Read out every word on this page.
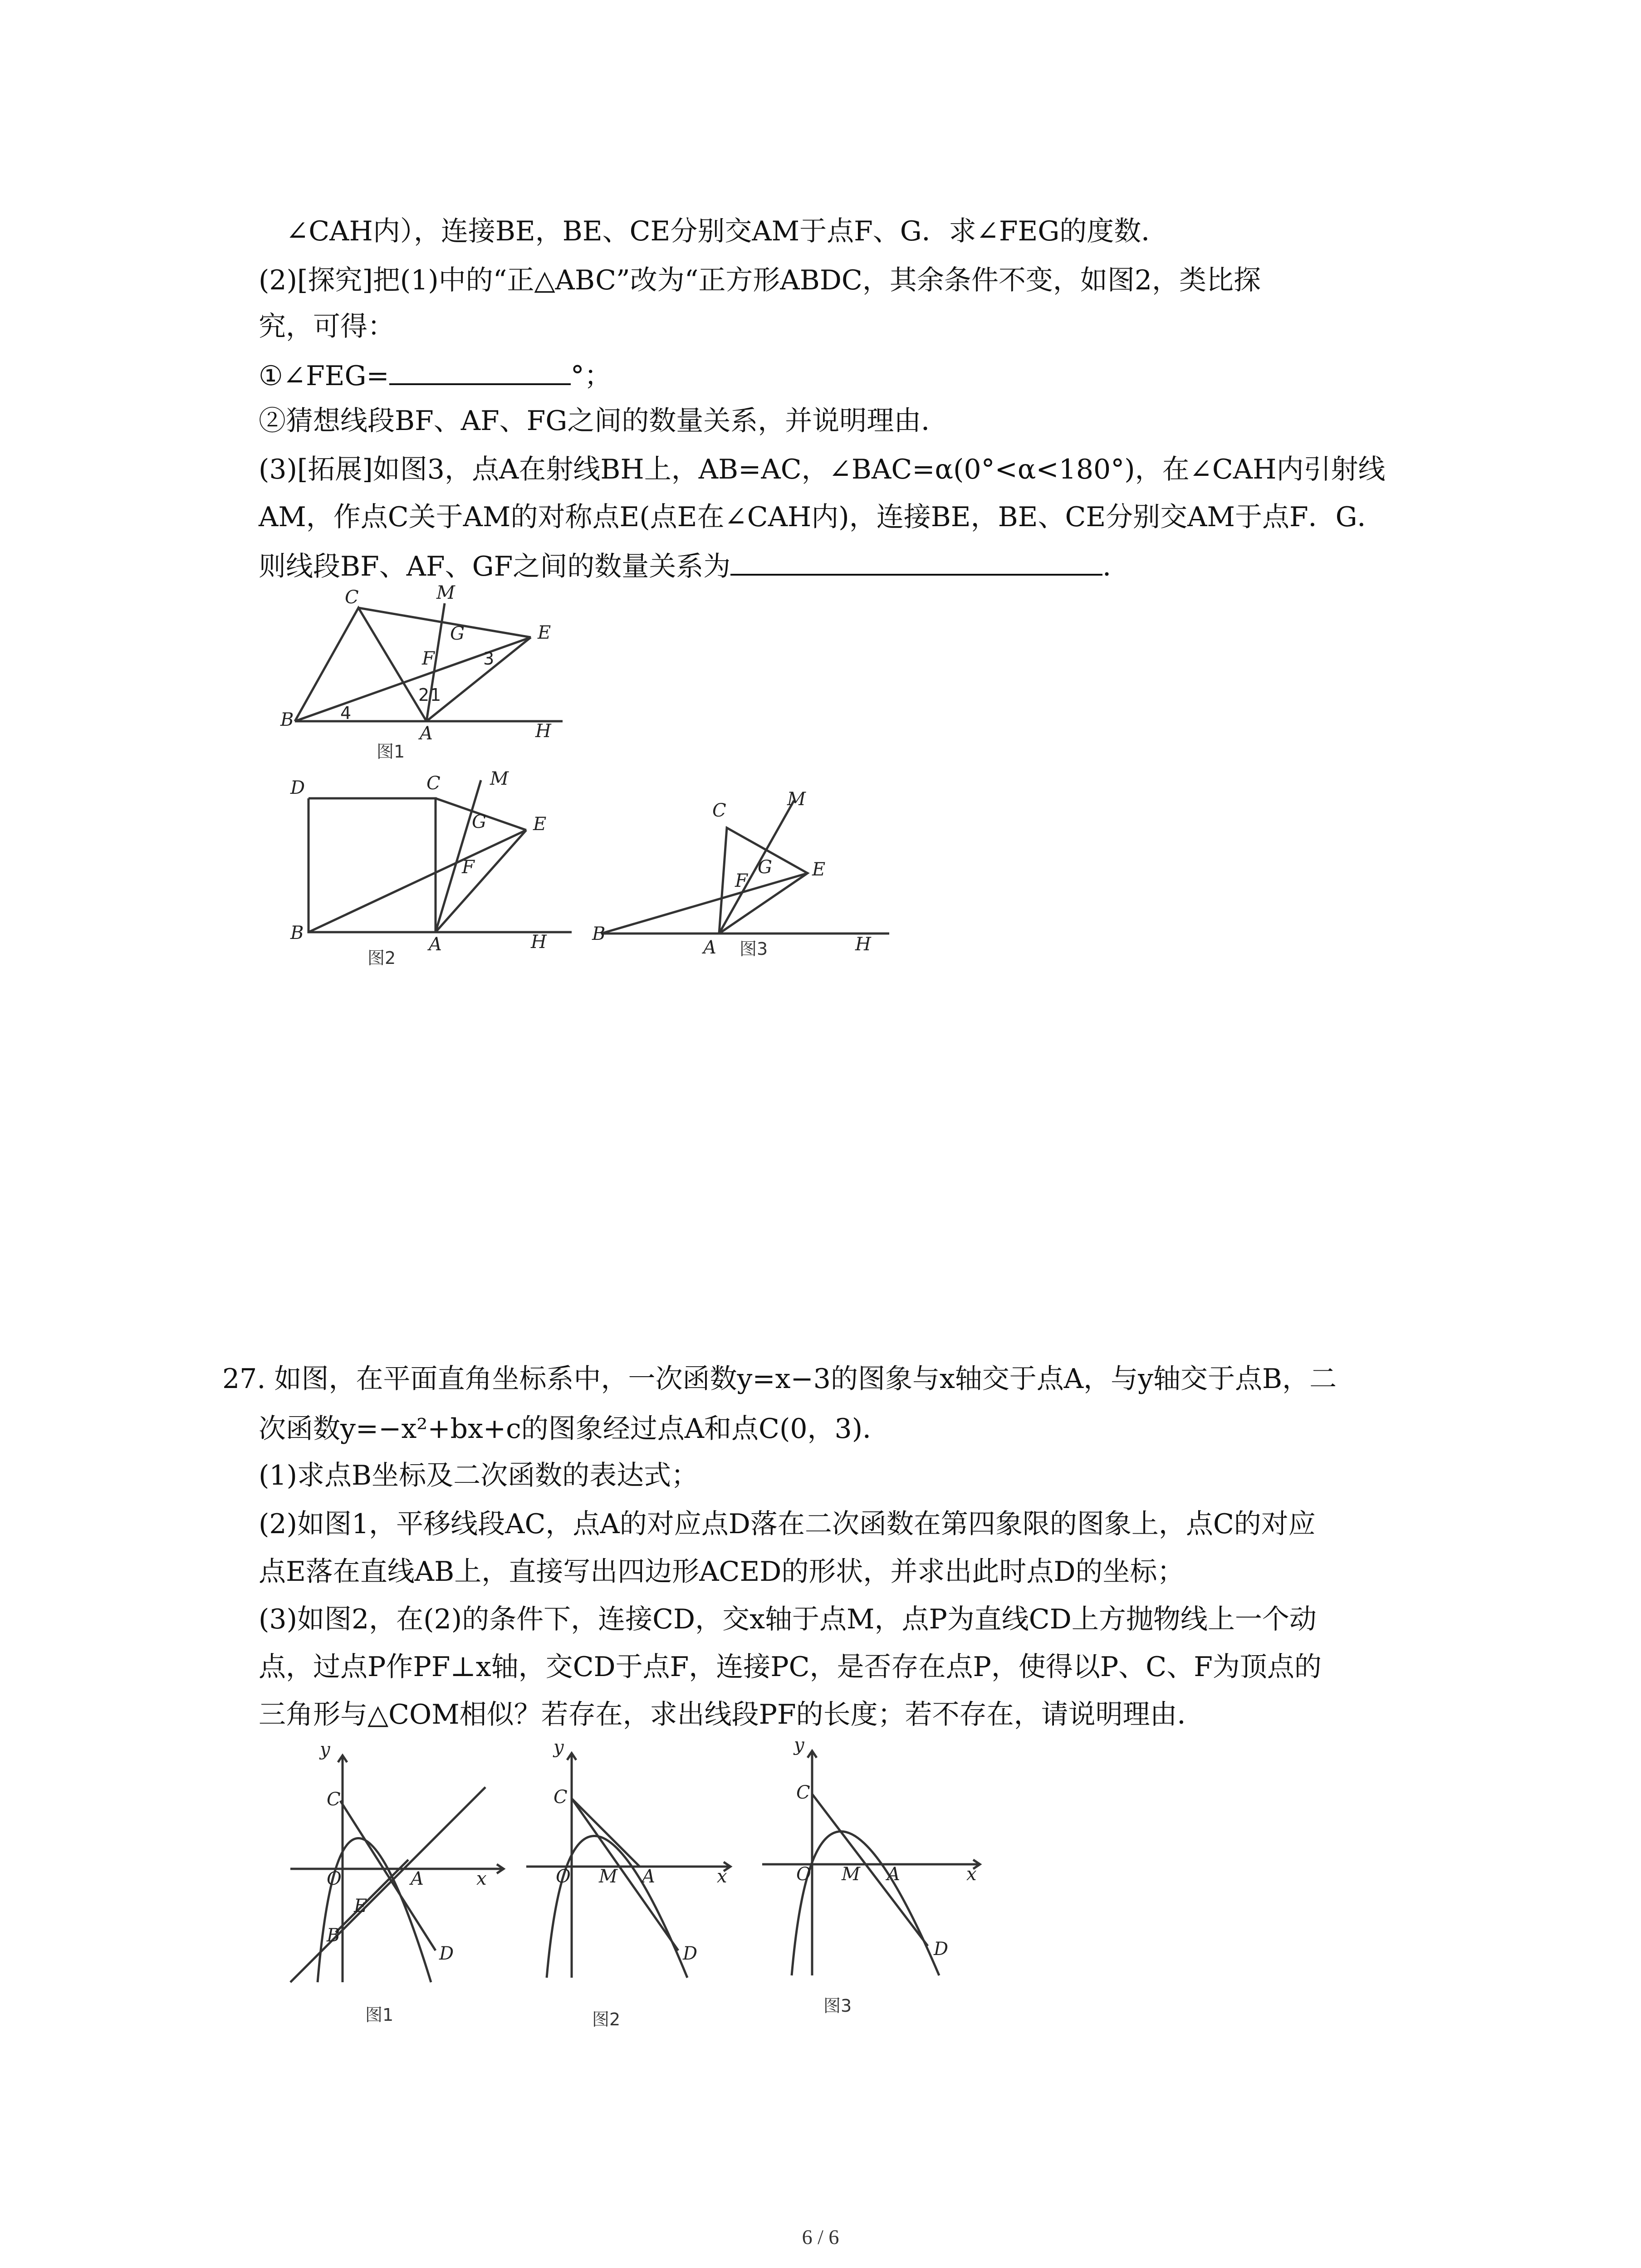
∠CAH内），连接BE，BE、CE分别交AM于点F、G．求∠FEG的度数．
(2)[探究]把(1)中的“正△ABC”改为“正方形ABDC，其余条件不变，如图2，类比探
究，可得：
①∠FEG=	°；
②猜想线段BF、AF、FG之间的数量关系，并说明理由．
(3)[拓展]如图3，点A在射线BH上，AB=AC，∠BAC=α(0°<α<180°)，在∠CAH内引射线
AM，作点C关于AM的对称点E(点E在∠CAH内)，连接BE，BE、CE分别交AM于点F．G．
则线段BF、AF、GF之间的数量关系为	．
C	M
G	E
F	3
2 1
B	4
A	H
图1
D	C	M
G	E
F
B
A	H
图2
C
M
G
F
E
B
A	H
图3
27. 如图，在平面直角坐标系中，一次函数y=x−3的图象与x轴交于点A，与y轴交于点B，二
次函数y=−x²+bx+c的图象经过点A和点C(0，3)．
(1)求点B坐标及二次函数的表达式；
(2)如图1，平移线段AC，点A的对应点D落在二次函数在第四象限的图象上，点C的对应
点E落在直线AB上，直接写出四边形ACED的形状，并求出此时点D的坐标；
(3)如图2，在(2)的条件下，连接CD，交x轴于点M，点P为直线CD上方抛物线上一个动
点，过点P作PF⊥x轴，交CD于点F，连接PC，是否存在点P，使得以P、C、F为顶点的
三角形与△COM相似？若存在，求出线段PF的长度；若不存在，请说明理由．
y
C
O	A	x
E
B
D
图1
y
C
O M A	x
D
图2
y
C
O M A	x
D
图3
6 / 6
